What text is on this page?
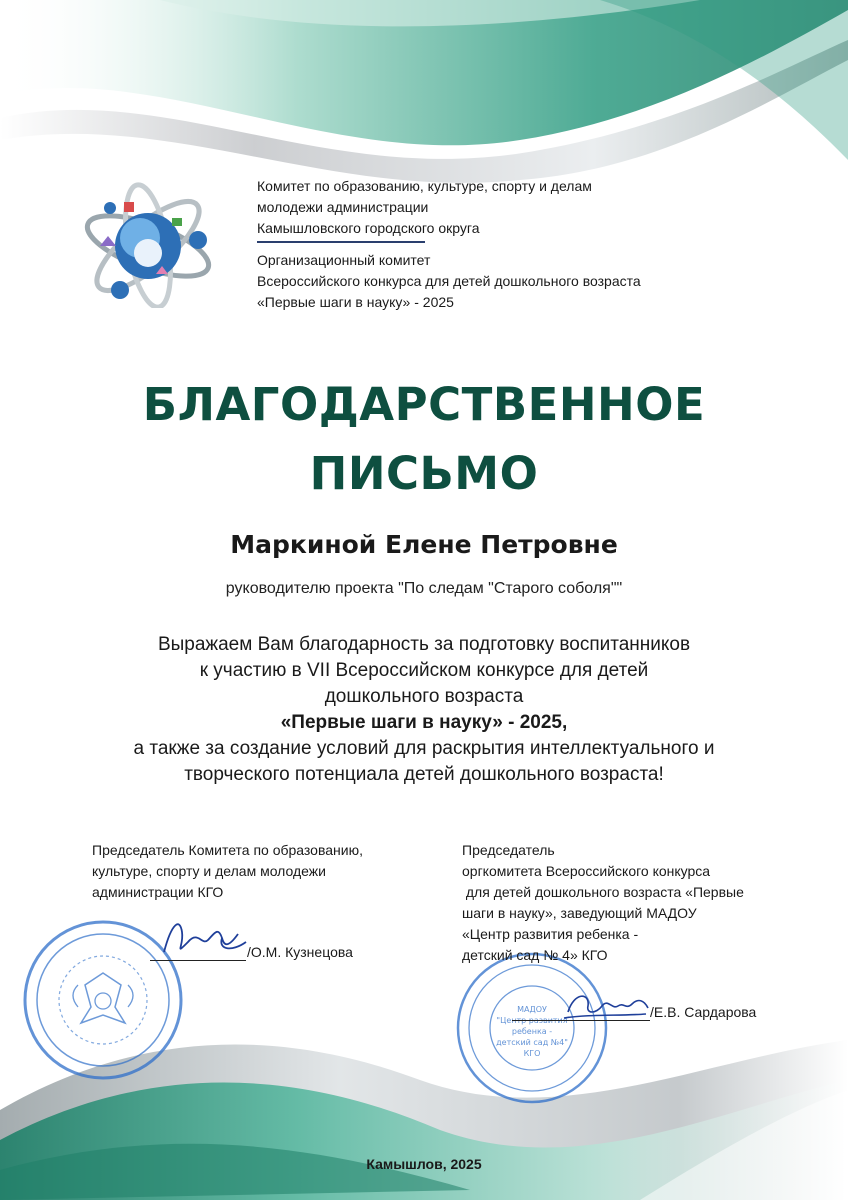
Комитет по образованию, культуре, спорту и делам
молодежи администрации
Камышловского городского округа
Организационный комитет
Всероссийского конкурса для детей дошкольного возраста
«Первые шаги в науку» - 2025
БЛАГОДАРСТВЕННОЕ
ПИСЬМО
Маркиной Елене Петровне
руководителю проекта "По следам "Старого соболя""
Выражаем Вам благодарность за подготовку воспитанников
к участию в VII Всероссийском конкурсе для детей
дошкольного возраста
«Первые шаги в науку» - 2025,
а также за создание условий для раскрытия интеллектуального и
творческого потенциала детей дошкольного возраста!
МАДОУ
"Центр развития
ребенка -
детский сад №4"
КГО
Председатель Комитета по образованию,
культуре, спорту и делам молодежи
администрации КГО
/О.М. Кузнецова
Председатель
оргкомитета Всероссийского конкурса
для детей дошкольного возраста «Первые
шаги в науку», заведующий МАДОУ
«Центр развития ребенка -
детский сад № 4» КГО
/Е.В. Сардарова
Камышлов, 2025
